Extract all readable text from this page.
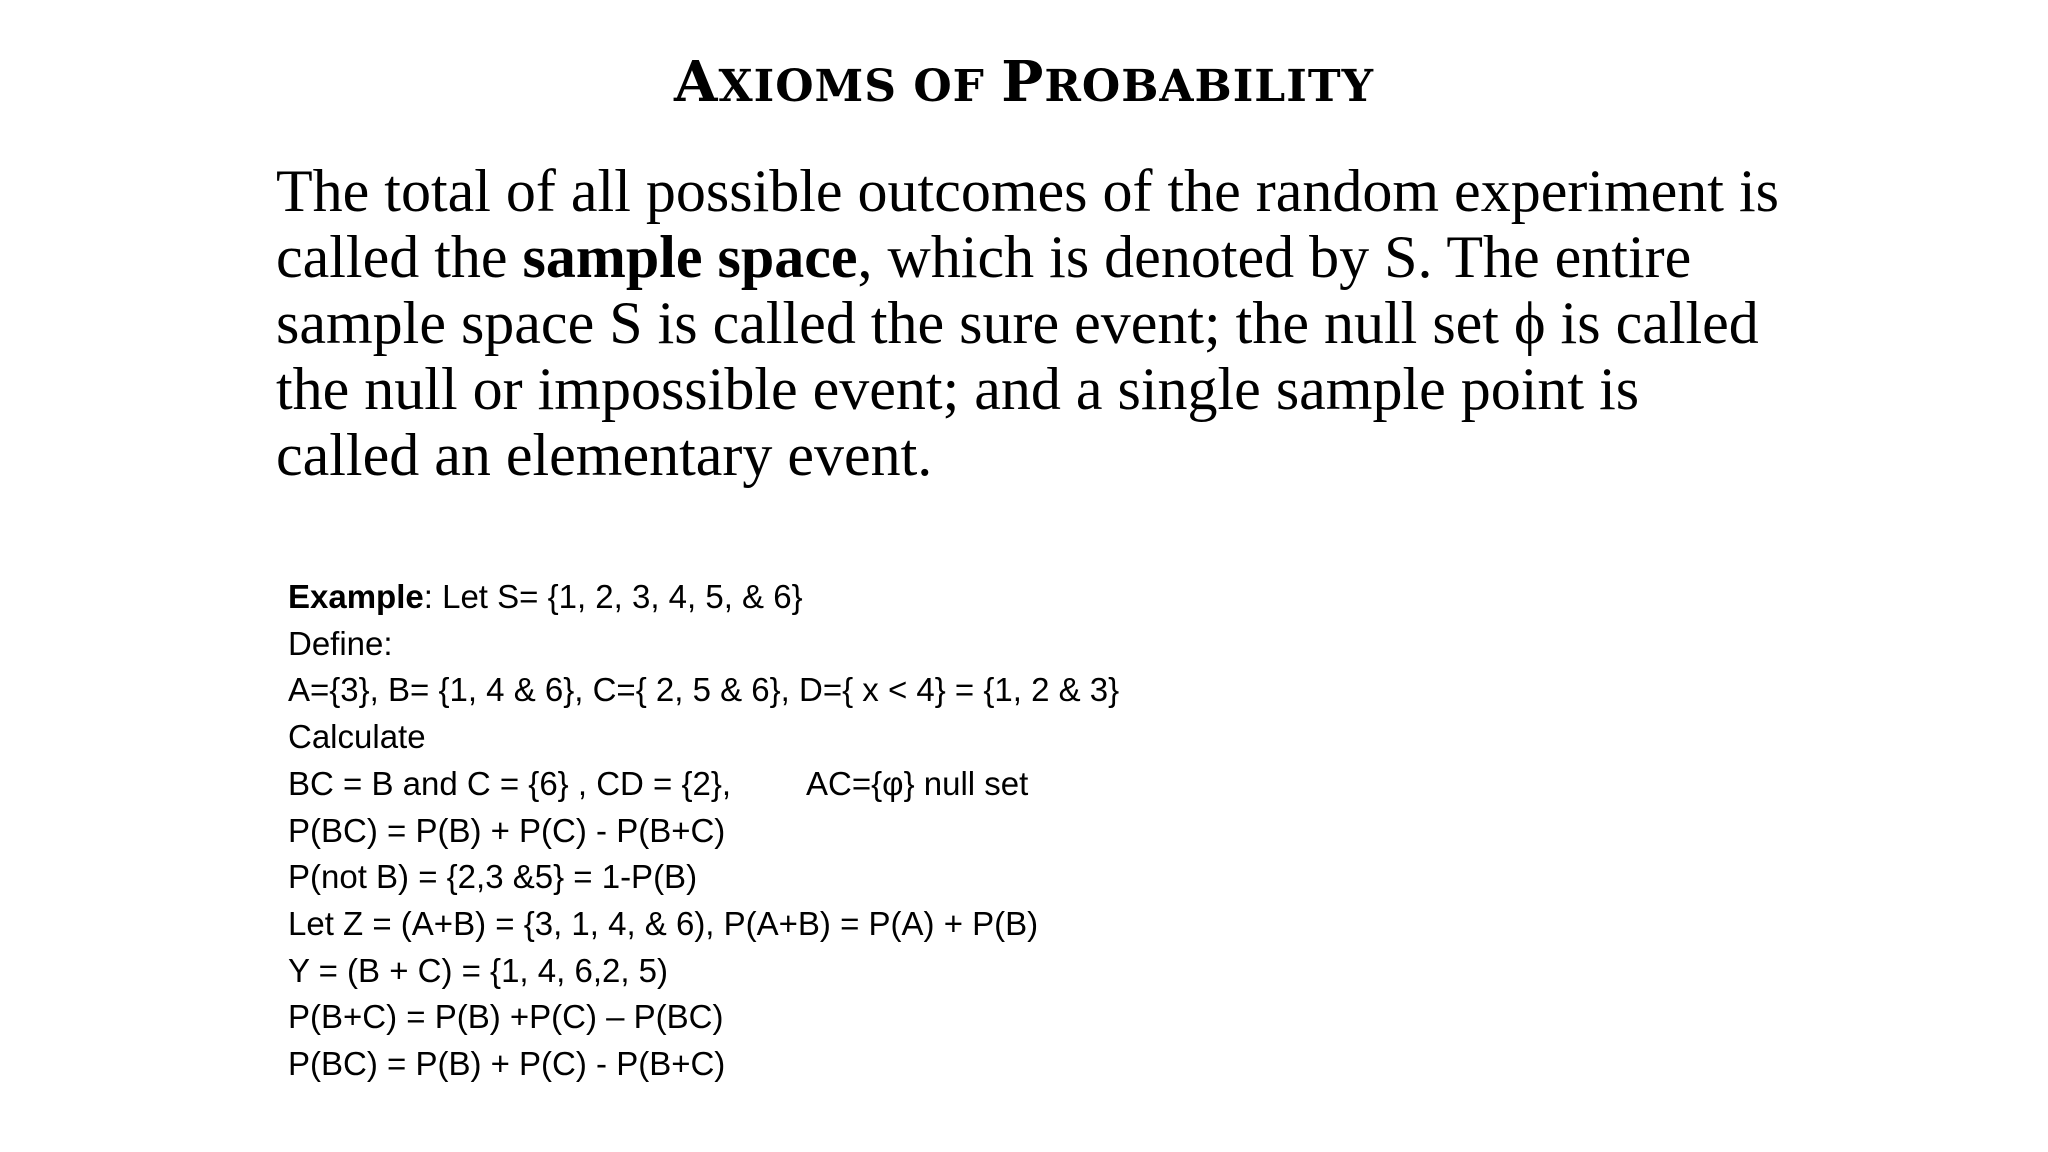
AXIOMS OF PROBABILITY
The total of all possible outcomes of the random experiment is
called the sample space, which is denoted by S. The entire
sample space S is called the sure event; the null set ϕ is called
the null or impossible event; and a single sample point is
called an elementary event.
Example: Let S= {1, 2, 3, 4, 5, & 6}
Define:
A={3}, B= {1, 4 & 6}, C={ 2, 5 & 6}, D={ x < 4} = {1, 2 & 3}
Calculate
BC = B and C = {6} , CD = {2}, AC={φ} null set
P(BC) = P(B) + P(C) - P(B+C)
P(not B) = {2,3 &5} = 1-P(B)
Let Z = (A+B) = {3, 1, 4, & 6), P(A+B) = P(A) + P(B)
Y = (B + C) = {1, 4, 6,2, 5)
P(B+C) = P(B) +P(C) – P(BC)
P(BC) = P(B) + P(C) - P(B+C)
